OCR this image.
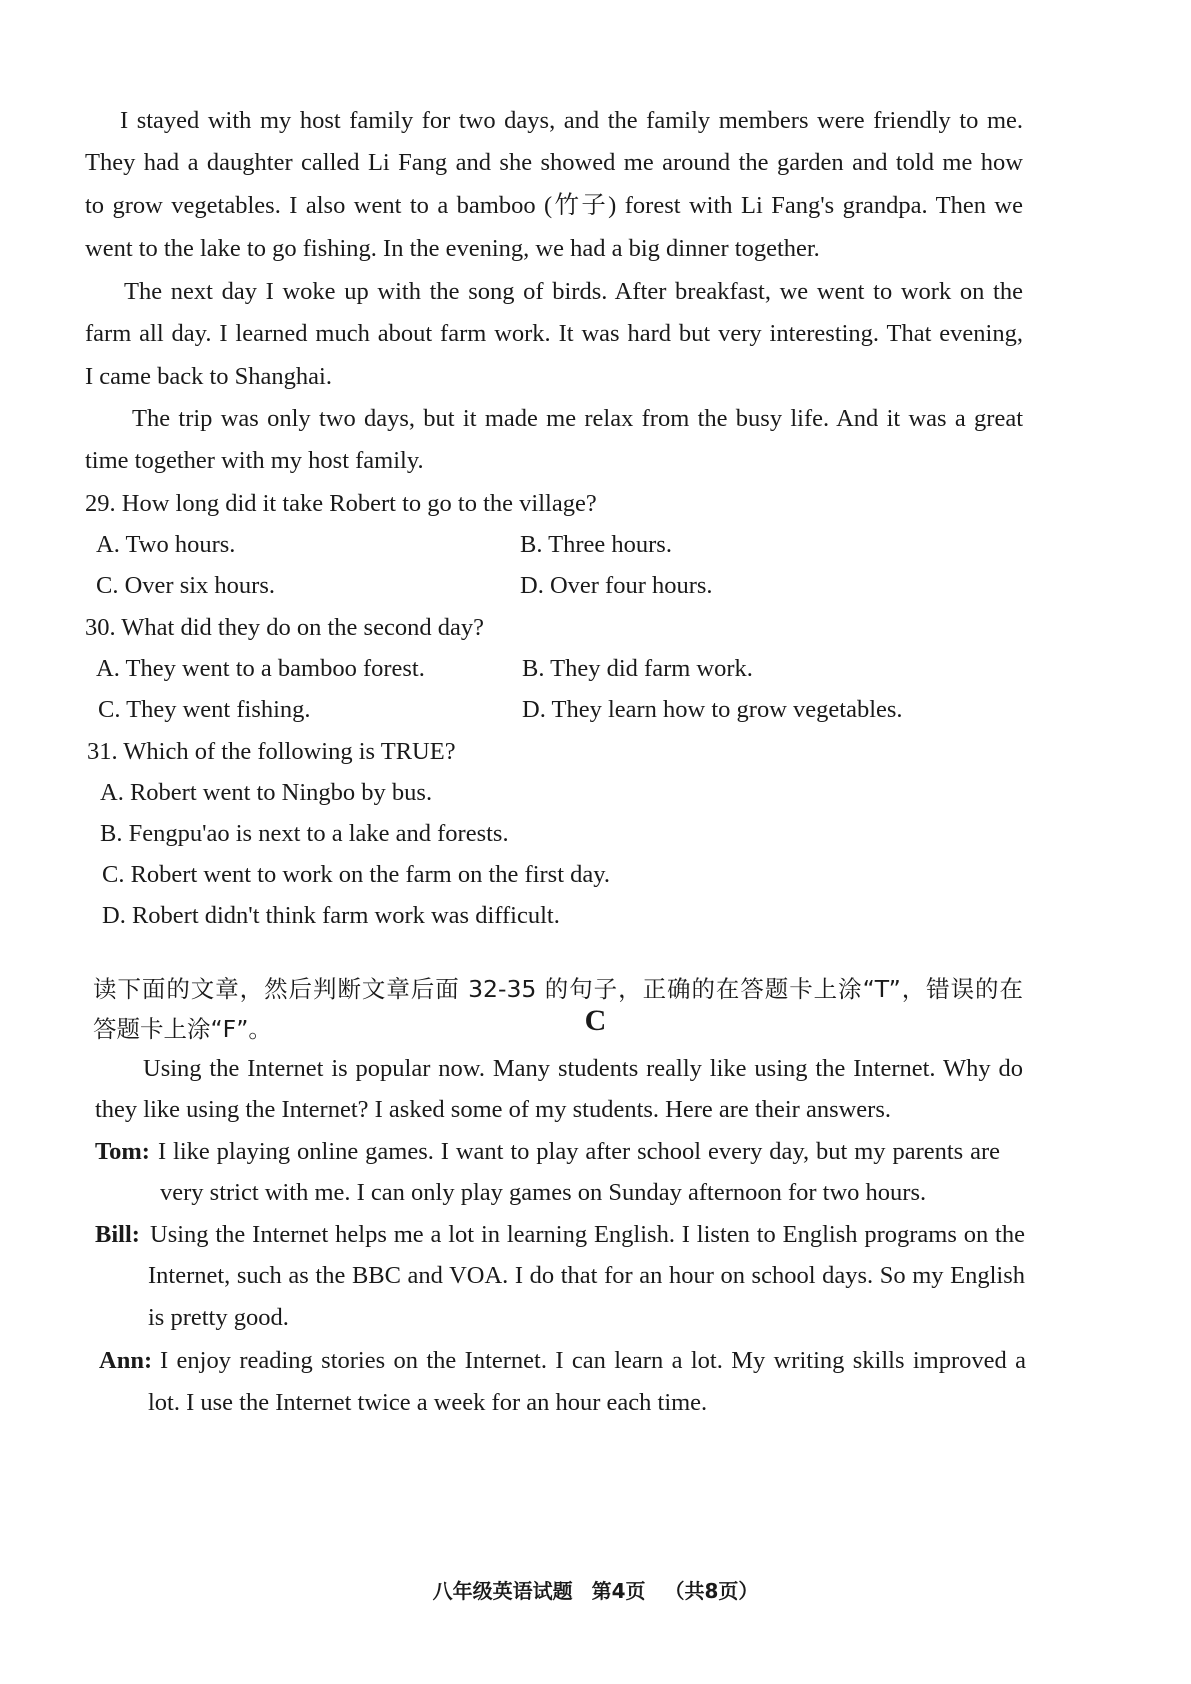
I stayed with my host family for two days, and the family members were friendly to me.
They had a daughter called Li Fang and she showed me around the garden and told me how
to grow vegetables. I also went to a bamboo (竹子) forest with Li Fang's grandpa. Then we
went to the lake to go fishing. In the evening, we had a big dinner together.
The next day I woke up with the song of birds. After breakfast, we went to work on the
farm all day. I learned much about farm work. It was hard but very interesting. That evening,
I came back to Shanghai.
The trip was only two days, but it made me relax from the busy life. And it was a great
time together with my host family.
29. How long did it take Robert to go to the village?
A. Two hours.	B. Three hours.
C. Over six hours.	D. Over four hours.
30. What did they do on the second day?
A. They went to a bamboo forest.	B. They did farm work.
C. They went fishing.	D. They learn how to grow vegetables.
31. Which of the following is TRUE?
A. Robert went to Ningbo by bus.
B. Fengpu'ao is next to a lake and forests.
C. Robert went to work on the farm on the first day.
D. Robert didn't think farm work was difficult.
C
读下面的文章，然后判断文章后面 32-35 的句子，正确的在答题卡上涂“T”，错误的在
答题卡上涂“F”。
Using the Internet is popular now. Many students really like using the Internet. Why do
they like using the Internet? I asked some of my students. Here are their answers.
Tom: I like playing online games. I want to play after school every day, but my parents are
very strict with me. I can only play games on Sunday afternoon for two hours.
Bill: Using the Internet helps me a lot in learning English. I listen to English programs on the
Internet, such as the BBC and VOA. I do that for an hour on school days. So my English
is pretty good.
Ann: I enjoy reading stories on the Internet. I can learn a lot. My writing skills improved a
lot. I use the Internet twice a week for an hour each time.
八年级英语试题 第4页 （共8页）
